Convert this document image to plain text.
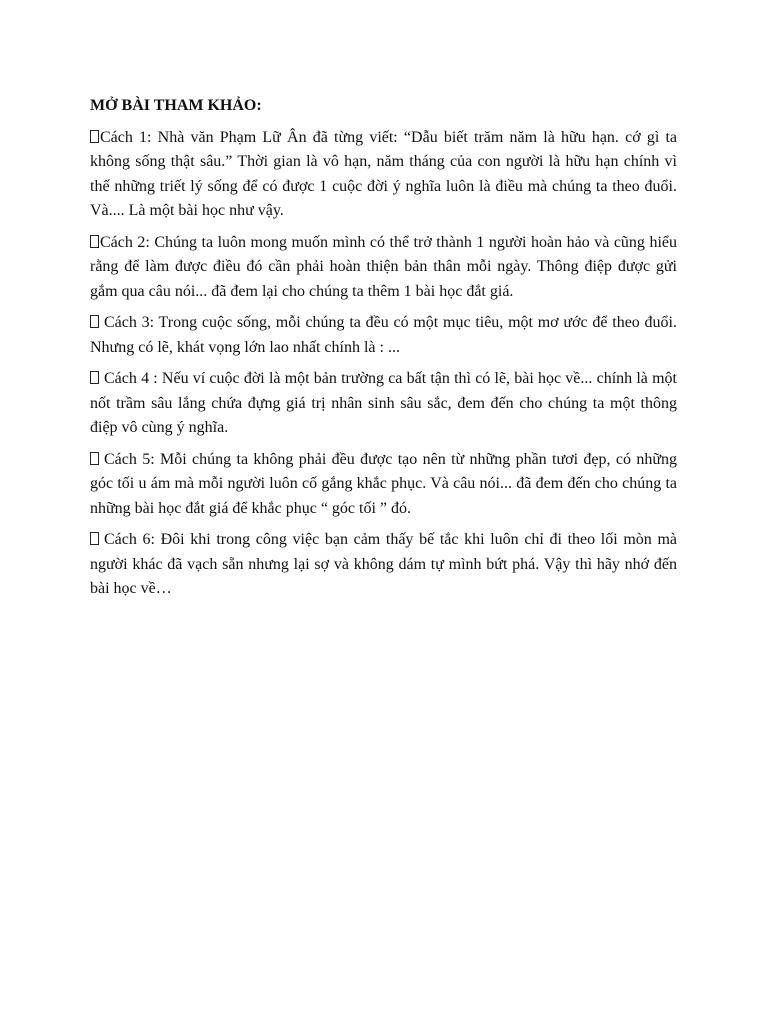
MỞ BÀI THAM KHẢO:

Cách 1: Nhà văn Phạm Lữ Ân đã từng viết: “Dẫu biết trăm năm là hữu hạn. cớ gì ta không sống thật sâu.” Thời gian là vô hạn, năm tháng của con người là hữu hạn chính vì thế những triết lý sống để có được 1 cuộc đời ý nghĩa luôn là điều mà chúng ta theo đuổi. Và.... Là một bài học như vậy.

Cách 2: Chúng ta luôn mong muốn mình có thể trở thành 1 người hoàn hảo và cũng hiểu rằng để làm được điều đó cần phải hoàn thiện bản thân mỗi ngày. Thông điệp được gửi gắm qua câu nói... đã đem lại cho chúng ta thêm 1 bài học đắt giá.

Cách 3: Trong cuộc sống, mỗi chúng ta đều có một mục tiêu, một mơ ước để theo đuổi. Nhưng có lẽ, khát vọng lớn lao nhất chính là : ...

Cách 4 : Nếu ví cuộc đời là một bản trường ca bất tận thì có lẽ, bài học về... chính là một nốt trầm sâu lắng chứa đựng giá trị nhân sinh sâu sắc, đem đến cho chúng ta một thông điệp vô cùng ý nghĩa.

Cách 5: Mỗi chúng ta không phải đều được tạo nên từ những phần tươi đẹp, có những góc tối u ám mà mỗi người luôn cố gắng khắc phục. Và câu nói... đã đem đến cho chúng ta những bài học đắt giá để khắc phục “ góc tối ” đó.

Cách 6: Đôi khi trong công việc bạn cảm thấy bế tắc khi luôn chỉ đi theo lối mòn mà người khác đã vạch sẵn nhưng lại sợ và không dám tự mình bứt phá. Vậy thì hãy nhớ đến bài học về…
